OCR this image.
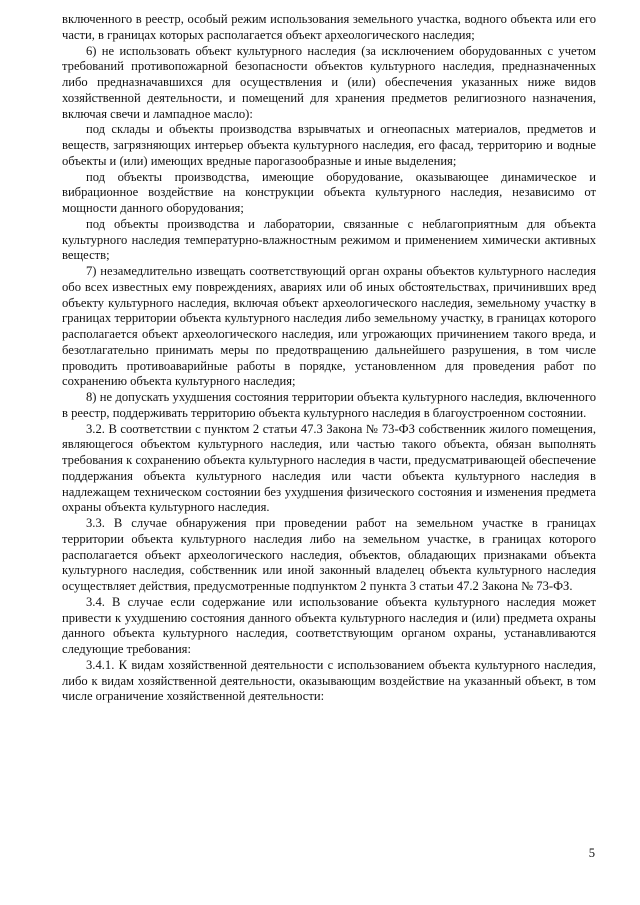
включенного в реестр, особый режим использования земельного участка, водного объекта или его части, в границах которых располагается объект археологического наследия;

6) не использовать объект культурного наследия (за исключением оборудованных с учетом требований противопожарной безопасности объектов культурного наследия, предназначенных либо предназначавшихся для осуществления и (или) обеспечения указанных ниже видов хозяйственной деятельности, и помещений для хранения предметов религиозного назначения, включая свечи и лампадное масло):

под склады и объекты производства взрывчатых и огнеопасных материалов, предметов и веществ, загрязняющих интерьер объекта культурного наследия, его фасад, территорию и водные объекты и (или) имеющих вредные парогазообразные и иные выделения;

под объекты производства, имеющие оборудование, оказывающее динамическое и вибрационное воздействие на конструкции объекта культурного наследия, независимо от мощности данного оборудования;

под объекты производства и лаборатории, связанные с неблагоприятным для объекта культурного наследия температурно-влажностным режимом и применением химически активных веществ;

7) незамедлительно извещать соответствующий орган охраны объектов культурного наследия обо всех известных ему повреждениях, авариях или об иных обстоятельствах, причинивших вред объекту культурного наследия, включая объект археологического наследия, земельному участку в границах территории объекта культурного наследия либо земельному участку, в границах которого располагается объект археологического наследия, или угрожающих причинением такого вреда, и безотлагательно принимать меры по предотвращению дальнейшего разрушения, в том числе проводить противоаварийные работы в порядке, установленном для проведения работ по сохранению объекта культурного наследия;

8) не допускать ухудшения состояния территории объекта культурного наследия, включенного в реестр, поддерживать территорию объекта культурного наследия в благоустроенном состоянии.

3.2. В соответствии с пунктом 2 статьи 47.3 Закона № 73-ФЗ собственник жилого помещения, являющегося объектом культурного наследия, или частью такого объекта, обязан выполнять требования к сохранению объекта культурного наследия в части, предусматривающей обеспечение поддержания объекта культурного наследия или части объекта культурного наследия в надлежащем техническом состоянии без ухудшения физического состояния и изменения предмета охраны объекта культурного наследия.

3.3. В случае обнаружения при проведении работ на земельном участке в границах территории объекта культурного наследия либо на земельном участке, в границах которого располагается объект археологического наследия, объектов, обладающих признаками объекта культурного наследия, собственник или иной законный владелец объекта культурного наследия осуществляет действия, предусмотренные подпунктом 2 пункта 3 статьи 47.2 Закона № 73-ФЗ.

3.4. В случае если содержание или использование объекта культурного наследия может привести к ухудшению состояния данного объекта культурного наследия и (или) предмета охраны данного объекта культурного наследия, соответствующим органом охраны, устанавливаются следующие требования:

3.4.1. К видам хозяйственной деятельности с использованием объекта культурного наследия, либо к видам хозяйственной деятельности, оказывающим воздействие на указанный объект, в том числе ограничение хозяйственной деятельности:

5
